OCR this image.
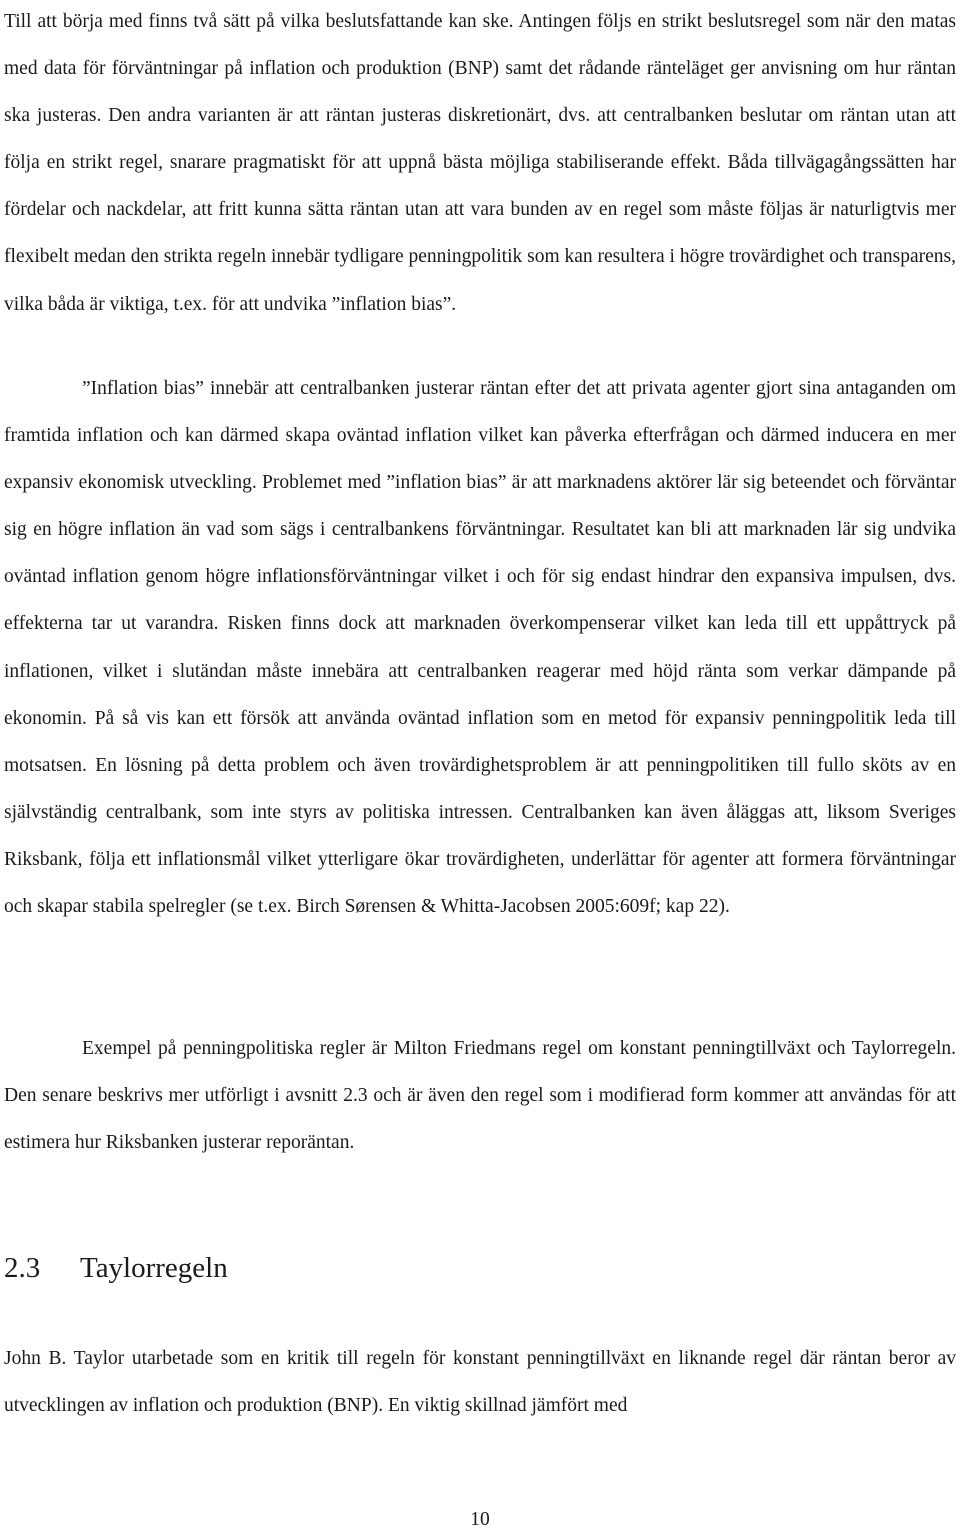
Till att börja med finns två sätt på vilka beslutsfattande kan ske. Antingen följs en strikt beslutsregel som när den matas med data för förväntningar på inflation och produktion (BNP) samt det rådande ränteläget ger anvisning om hur räntan ska justeras. Den andra varianten är att räntan justeras diskretionärt, dvs. att centralbanken beslutar om räntan utan att följa en strikt regel, snarare pragmatiskt för att uppnå bästa möjliga stabiliserande effekt. Båda tillvägagångssätten har fördelar och nackdelar, att fritt kunna sätta räntan utan att vara bunden av en regel som måste följas är naturligtvis mer flexibelt medan den strikta regeln innebär tydligare penningpolitik som kan resultera i högre trovärdighet och transparens, vilka båda är viktiga, t.ex. för att undvika ”inflation bias”.

”Inflation bias” innebär att centralbanken justerar räntan efter det att privata agenter gjort sina antaganden om framtida inflation och kan därmed skapa oväntad inflation vilket kan påverka efterfrågan och därmed inducera en mer expansiv ekonomisk utveckling. Problemet med ”inflation bias” är att marknadens aktörer lär sig beteendet och förväntar sig en högre inflation än vad som sägs i centralbankens förväntningar. Resultatet kan bli att marknaden lär sig undvika oväntad inflation genom högre inflationsförväntningar vilket i och för sig endast hindrar den expansiva impulsen, dvs. effekterna tar ut varandra. Risken finns dock att marknaden överkompenserar vilket kan leda till ett uppåttryck på inflationen, vilket i slutändan måste innebära att centralbanken reagerar med höjd ränta som verkar dämpande på ekonomin. På så vis kan ett försök att använda oväntad inflation som en metod för expansiv penningpolitik leda till motsatsen. En lösning på detta problem och även trovärdighetsproblem är att penningpolitiken till fullo sköts av en självständig centralbank, som inte styrs av politiska intressen. Centralbanken kan även åläggas att, liksom Sveriges Riksbank, följa ett inflationsmål vilket ytterligare ökar trovärdigheten, underlättar för agenter att formera förväntningar och skapar stabila spelregler (se t.ex. Birch Sørensen & Whitta-Jacobsen 2005:609f; kap 22).

Exempel på penningpolitiska regler är Milton Friedmans regel om konstant penningtillväxt och Taylorregeln. Den senare beskrivs mer utförligt i avsnitt 2.3 och är även den regel som i modifierad form kommer att användas för att estimera hur Riksbanken justerar reporäntan.

2.3 Taylorregeln

John B. Taylor utarbetade som en kritik till regeln för konstant penningtillväxt en liknande regel där räntan beror av utvecklingen av inflation och produktion (BNP). En viktig skillnad jämfört med

10
